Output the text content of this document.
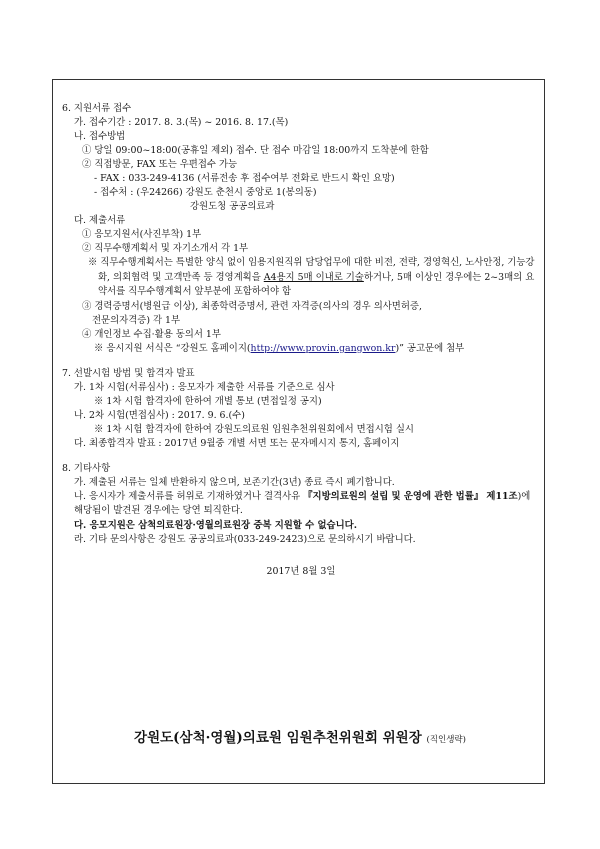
6. 지원서류 접수
가. 접수기간 : 2017. 8. 3.(목) ~ 2016. 8. 17.(목)
나. 접수방법
① 당일 09:00~18:00(공휴일 제외) 접수. 단 접수 마감일 18:00까지 도착분에 한함
② 직접방문, FAX 또는 우편접수 가능
- FAX : 033-249-4136 (서류전송 후 접수여부 전화로 반드시 확인 요망)
- 접수처 : (우24266) 강원도 춘천시 중앙로 1(봉의동)
강원도청 공공의료과
다. 제출서류
① 응모지원서(사진부착) 1부
② 직무수행계획서 및 자기소개서 각 1부
※ 직무수행계획서는 특별한 양식 없이 임용지원직위 담당업무에 대한 비전, 전략, 경영혁신, 노사안정, 기능강화, 의회협력 및 고객만족 등 경영계획을 A4용지 5매 이내로 기술하거나, 5매 이상인 경우에는 2~3매의 요약서를 직무수행계획서 앞부분에 포함하여야 함
③ 경력증명서(병원급 이상), 최종학력증명서, 관련 자격증(의사의 경우 의사면허증,
전문의자격증) 각 1부
④ 개인정보 수집·활용 동의서 1부
※ 응시지원 서식은 “강원도 홈페이지(http://www.provin.gangwon.kr)” 공고문에 첨부
7. 선발시험 방법 및 합격자 발표
가. 1차 시험(서류심사) : 응모자가 제출한 서류를 기준으로 심사
※ 1차 시험 합격자에 한하여 개별 통보 (면접일정 공지)
나. 2차 시험(면접심사) : 2017. 9. 6.(수)
※ 1차 시험 합격자에 한하여 강원도의료원 임원추천위원회에서 면접시험 실시
다. 최종합격자 발표 : 2017년 9월중 개별 서면 또는 문자메시지 통지, 홈페이지
8. 기타사항
가. 제출된 서류는 일체 반환하지 않으며, 보존기간(3년) 종료 즉시 폐기합니다.
나. 응시자가 제출서류를 허위로 기재하였거나 결격사유 『지방의료원의 설립 및 운영에 관한 법률』 제11조)에 해당됨이 발견된 경우에는 당연 퇴직한다.
다. 응모지원은 삼척의료원장·영월의료원장 중복 지원할 수 없습니다.
라. 기타 문의사항은 강원도 공공의료과(033-249-2423)으로 문의하시기 바랍니다.
2017년 8월 3일
강원도(삼척·영월)의료원 임원추천위원회 위원장 (직인생략)
